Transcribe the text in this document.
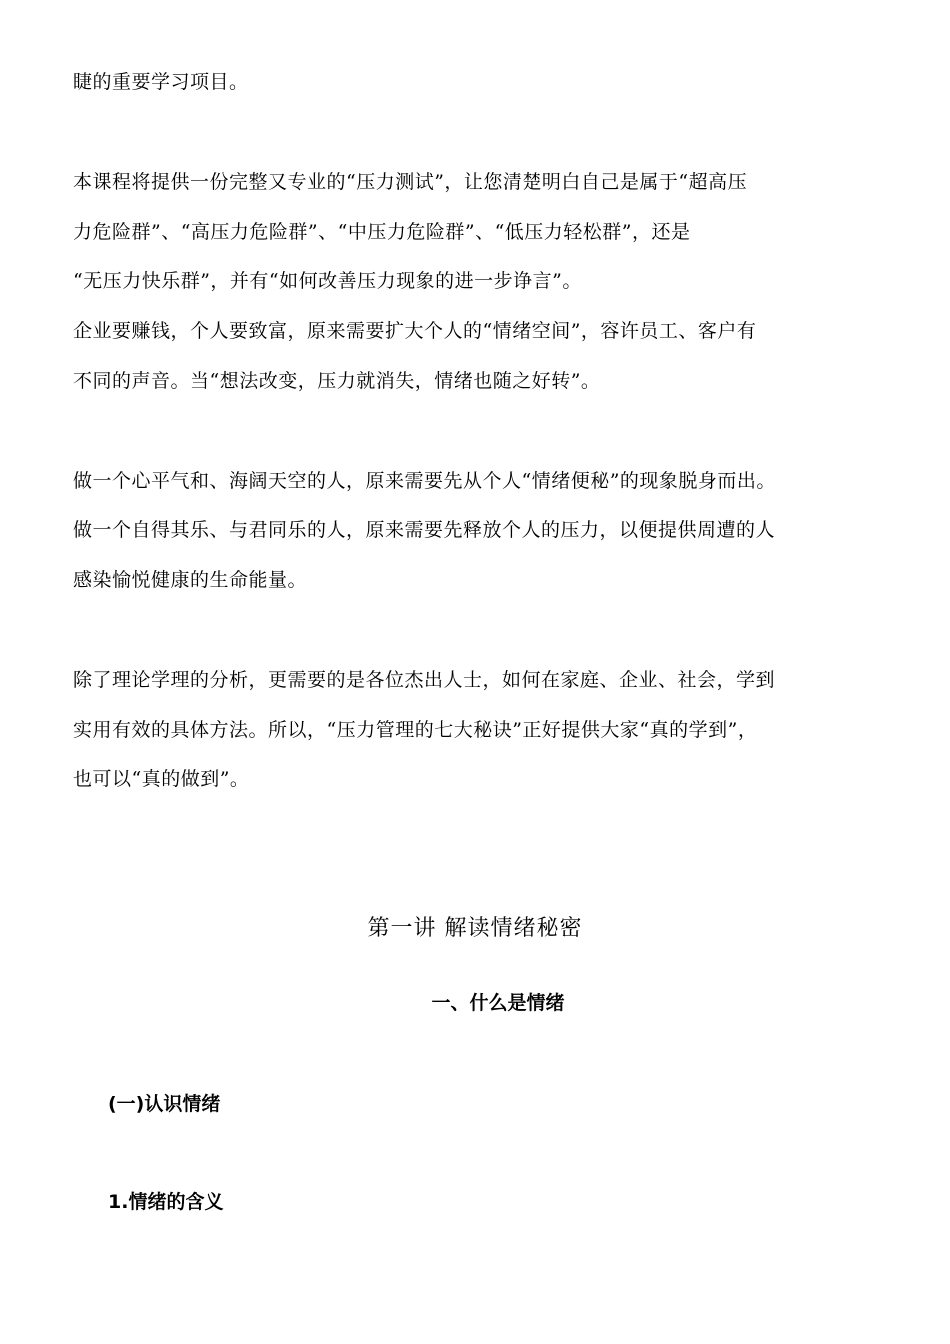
睫的重要学习项目。
本课程将提供一份完整又专业的“压力测试”，让您清楚明白自己是属于“超高压
力危险群”、“高压力危险群”、“中压力危险群”、“低压力轻松群”，还是
“无压力快乐群”，并有“如何改善压力现象的进一步诤言”。
企业要赚钱，个人要致富，原来需要扩大个人的“情绪空间”，容许员工、客户有
不同的声音。当“想法改变，压力就消失，情绪也随之好转”。
做一个心平气和、海阔天空的人，原来需要先从个人“情绪便秘”的现象脱身而出。
做一个自得其乐、与君同乐的人，原来需要先释放个人的压力，以便提供周遭的人
感染愉悦健康的生命能量。
除了理论学理的分析，更需要的是各位杰出人士，如何在家庭、企业、社会，学到
实用有效的具体方法。所以，“压力管理的七大秘诀”正好提供大家“真的学到”，
也可以“真的做到”。
第一讲 解读情绪秘密
一、什么是情绪
(一)认识情绪
1.情绪的含义
